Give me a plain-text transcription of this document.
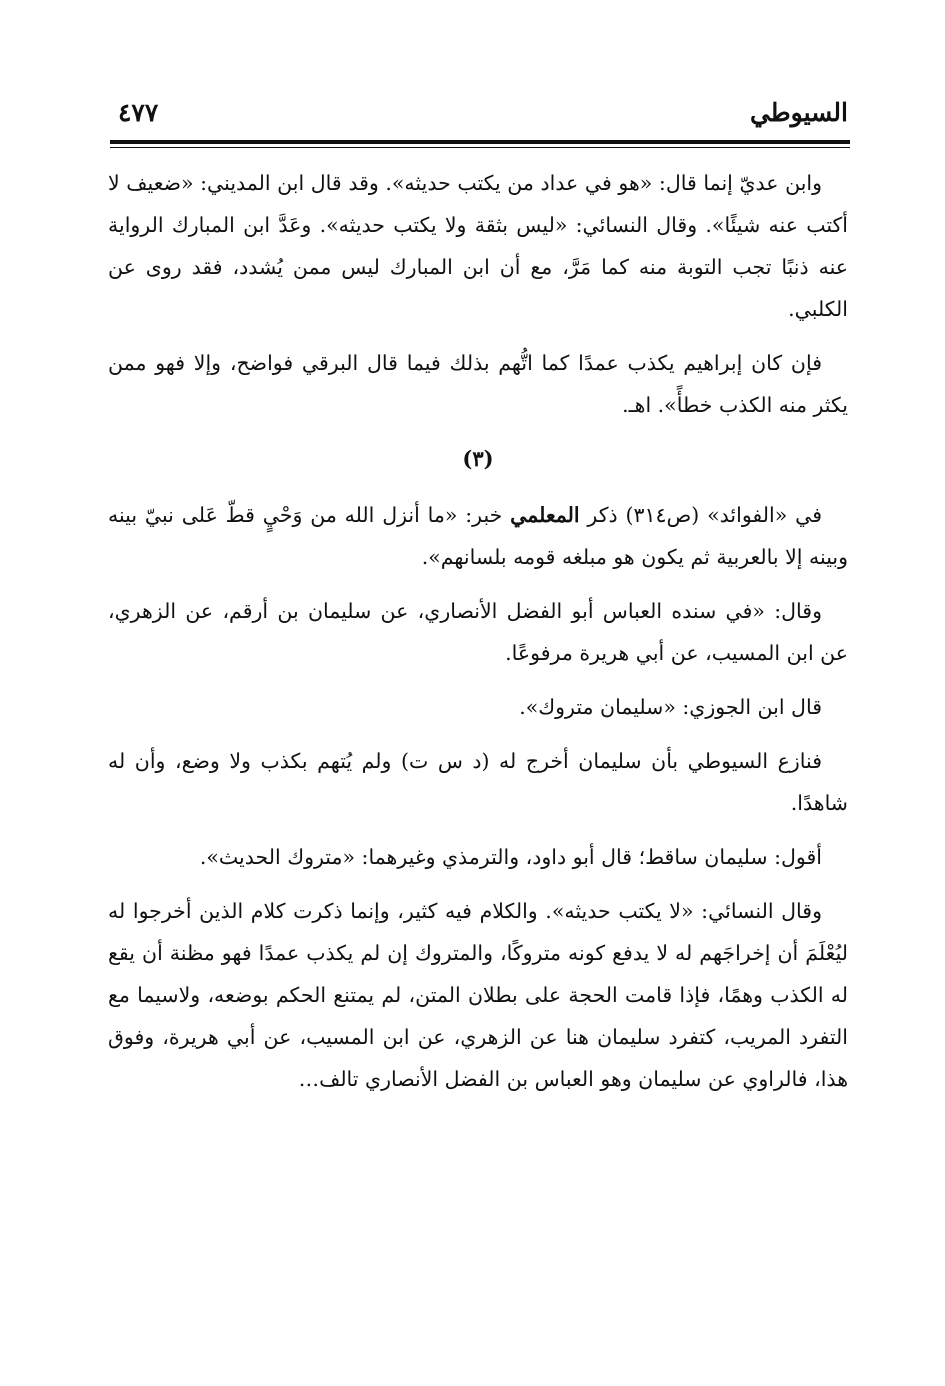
السيوطي
٤٧٧

وابن عديّ إنما قال: «هو في عداد من يكتب حديثه». وقد قال ابن المديني: «ضعيف لا أكتب عنه شيئًا». وقال النسائي: «ليس بثقة ولا يكتب حديثه». وعَدَّ ابن المبارك الرواية عنه ذنبًا تجب التوبة منه كما مَرَّ، مع أن ابن المبارك ليس ممن يُشدد، فقد روى عن الكلبي.

فإن كان إبراهيم يكذب عمدًا كما اتُّهم بذلك فيما قال البرقي فواضح، وإلا فهو ممن يكثر منه الكذب خطأً». اهـ.

(٣)

في «الفوائد» (ص٣١٤) ذكر المعلمي خبر: «ما أنزل الله من وَحْيٍ قطّ عَلى نبيّ بينه وبينه إلا بالعربية ثم يكون هو مبلغه قومه بلسانهم».

وقال: «في سنده العباس أبو الفضل الأنصاري، عن سليمان بن أرقم، عن الزهري، عن ابن المسيب، عن أبي هريرة مرفوعًا.

قال ابن الجوزي: «سليمان متروك».

فنازع السيوطي بأن سليمان أخرج له (د س ت) ولم يُتهم بكذب ولا وضع، وأن له شاهدًا.

أقول: سليمان ساقط؛ قال أبو داود، والترمذي وغيرهما: «متروك الحديث».

وقال النسائي: «لا يكتب حديثه». والكلام فيه كثير، وإنما ذكرت كلام الذين أخرجوا له ليُعْلَمَ أن إخراجَهم له لا يدفع كونه متروكًا، والمتروك إن لم يكذب عمدًا فهو مظنة أن يقع له الكذب وهمًا، فإذا قامت الحجة على بطلان المتن، لم يمتنع الحكم بوضعه، ولاسيما مع التفرد المريب، كتفرد سليمان هنا عن الزهري، عن ابن المسيب، عن أبي هريرة، وفوق هذا، فالراوي عن سليمان وهو العباس بن الفضل الأنصاري تالف…
